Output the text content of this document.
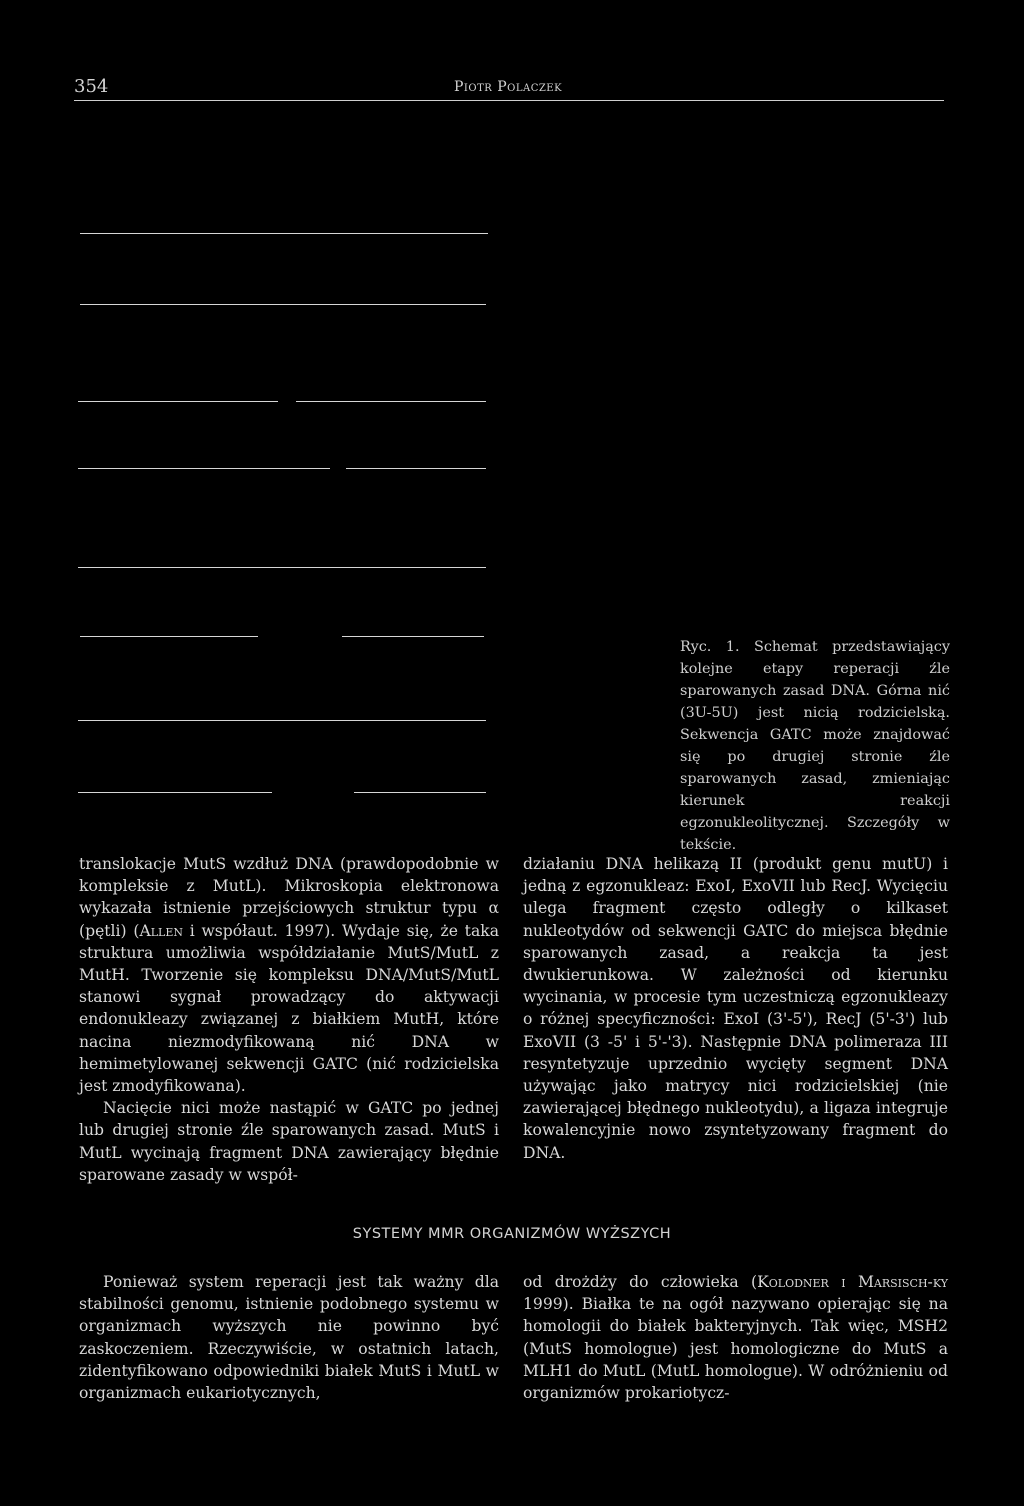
354	Piotr Polaczek
Ryc. 1. Schemat przedstawiający kolejne etapy reperacji źle sparowanych zasad DNA. Górna nić (3U-5U) jest nicią rodzicielską. Sekwencja GATC może znajdować się po drugiej stronie źle sparowanych zasad, zmieniając kierunek reakcji egzonukleolitycznej. Szczegóły w tekście.

translokacje MutS wzdłuż DNA (prawdopodobnie w kompleksie z MutL). Mikroskopia elektronowa wykazała istnienie przejściowych struktur typu α (pętli) (Allen i współaut. 1997). Wydaje się, że taka struktura umożliwia współdziałanie MutS/MutL z MutH. Tworzenie się kompleksu DNA/MutS/MutL stanowi sygnał prowadzący do aktywacji endonukleazy związanej z białkiem MutH, które nacina niezmodyfikowaną nić DNA w hemimetylowanej sekwencji GATC (nić rodzicielska jest zmodyfikowana).

Nacięcie nici może nastąpić w GATC po jednej lub drugiej stronie źle sparowanych zasad. MutS i MutL wycinają fragment DNA zawierający błędnie sparowane zasady w współ-

działaniu DNA helikazą II (produkt genu mutU) i jedną z egzonukleaz: ExoI, ExoVII lub RecJ. Wycięciu ulega fragment często odległy o kilkaset nukleotydów od sekwencji GATC do miejsca błędnie sparowanych zasad, a reakcja ta jest dwukierunkowa. W zależności od kierunku wycinania, w procesie tym uczestniczą egzonukleazy o różnej specyficzności: ExoI (3'-5'), RecJ (5'-3') lub ExoVII (3 -5' i 5'-'3). Następnie DNA polimeraza III resyntetyzuje uprzednio wycięty segment DNA używając jako matrycy nici rodzicielskiej (nie zawierającej błędnego nukleotydu), a ligaza integruje kowalencyjnie nowo zsyntetyzowany fragment do DNA.

SYSTEMY MMR ORGANIZMÓW WYŻSZYCH

Ponieważ system reperacji jest tak ważny dla stabilności genomu, istnienie podobnego systemu w organizmach wyższych nie powinno być zaskoczeniem. Rzeczywiście, w ostatnich latach, zidentyfikowano odpowiedniki białek MutS i MutL w organizmach eukariotycznych,

od drożdży do człowieka (Kolodner i Marsisch-ky 1999). Białka te na ogół nazywano opierając się na homologii do białek bakteryjnych. Tak więc, MSH2 (MutS homologue) jest homologiczne do MutS a MLH1 do MutL (MutL homologue). W odróżnieniu od organizmów prokariotycz-
